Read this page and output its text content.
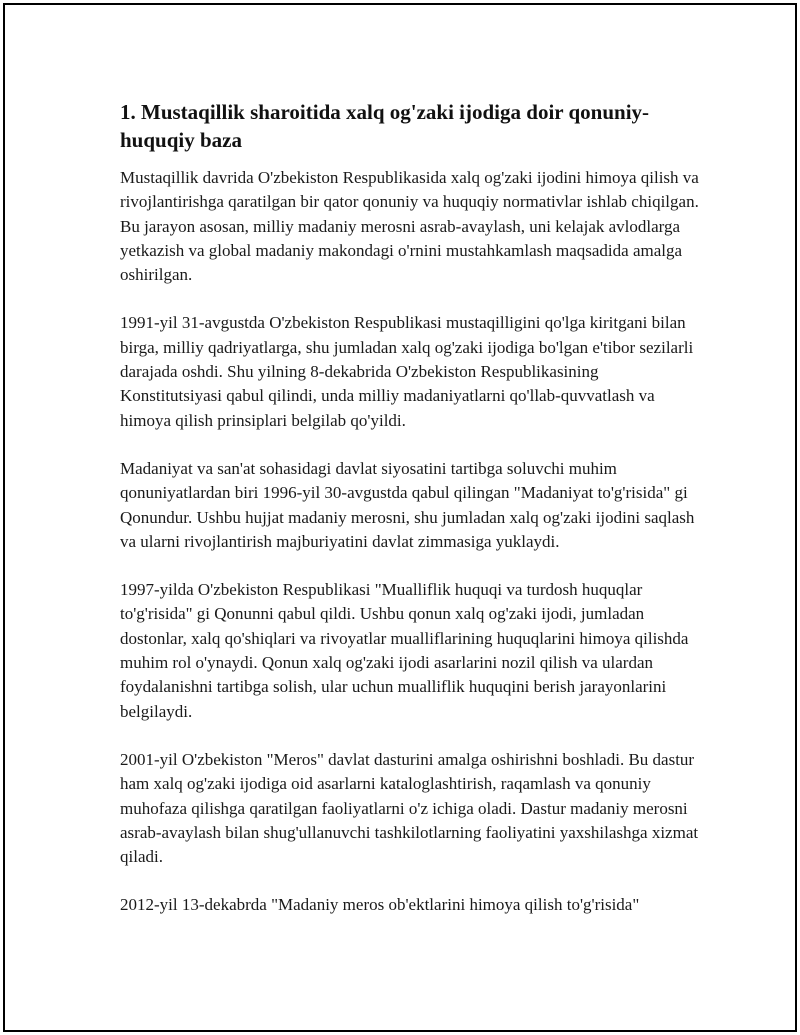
1. Mustaqillik sharoitida xalq og'zaki ijodiga doir qonuniy-huquqiy baza

Mustaqillik davrida O'zbekiston Respublikasida xalq og'zaki ijodini himoya qilish va rivojlantirishga qaratilgan bir qator qonuniy va huquqiy normativlar ishlab chiqilgan. Bu jarayon asosan, milliy madaniy merosni asrab-avaylash, uni kelajak avlodlarga yetkazish va global madaniy makondagi o'rnini mustahkamlash maqsadida amalga oshirilgan.

1991-yil 31-avgustda O'zbekiston Respublikasi mustaqilligini qo'lga kiritgani bilan birga, milliy qadriyatlarga, shu jumladan xalq og'zaki ijodiga bo'lgan e'tibor sezilarli darajada oshdi. Shu yilning 8-dekabrida O'zbekiston Respublikasining Konstitutsiyasi qabul qilindi, unda milliy madaniyatlarni qo'llab-quvvatlash va himoya qilish prinsiplari belgilab qo'yildi.

Madaniyat va san'at sohasidagi davlat siyosatini tartibga soluvchi muhim qonuniyatlardan biri 1996-yil 30-avgustda qabul qilingan "Madaniyat to'g'risida" gi Qonundur. Ushbu hujjat madaniy merosni, shu jumladan xalq og'zaki ijodini saqlash va ularni rivojlantirish majburiyatini davlat zimmasiga yuklaydi.

1997-yilda O'zbekiston Respublikasi "Mualliflik huquqi va turdosh huquqlar to'g'risida" gi Qonunni qabul qildi. Ushbu qonun xalq og'zaki ijodi, jumladan dostonlar, xalq qo'shiqlari va rivoyatlar mualliflarining huquqlarini himoya qilishda muhim rol o'ynaydi. Qonun xalq og'zaki ijodi asarlarini nozil qilish va ulardan foydalanishni tartibga solish, ular uchun mualliflik huquqini berish jarayonlarini belgilaydi.

2001-yil O'zbekiston "Meros" davlat dasturini amalga oshirishni boshladi. Bu dastur ham xalq og'zaki ijodiga oid asarlarni kataloglashtirish, raqamlash va qonuniy muhofaza qilishga qaratilgan faoliyatlarni o'z ichiga oladi. Dastur madaniy merosni asrab-avaylash bilan shug'ullanuvchi tashkilotlarning faoliyatini yaxshilashga xizmat qiladi.

2012-yil 13-dekabrda "Madaniy meros ob'ektlarini himoya qilish to'g'risida"
